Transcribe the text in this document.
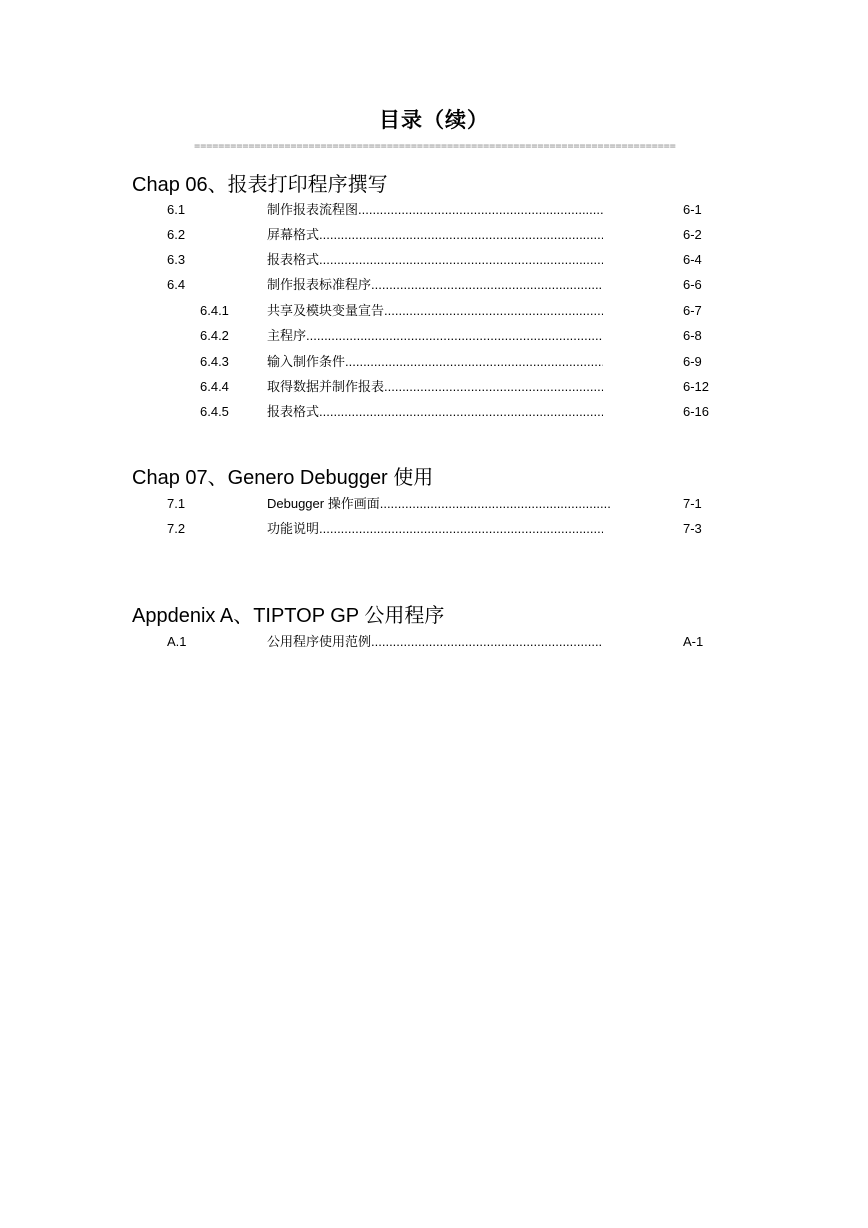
目录（续）
================================================================================
Chap 06、报表打印程序撰写
6.1	制作报表流程图 .....	6-1
6.2	屏幕格式 .....	6-2
6.3	报表格式 .....	6-4
6.4	制作报表标准程序 .....	6-6
6.4.1	共享及模块变量宣告 .....	6-7
6.4.2	主程序 .....	6-8
6.4.3	输入制作条件 .....	6-9
6.4.4	取得数据并制作报表 .....	6-12
6.4.5	报表格式 .....	6-16
Chap 07、Genero Debugger 使用
7.1	Debugger 操作画面 .....	7-1
7.2	功能说明 .....	7-3
Appdenix A、TIPTOP GP 公用程序
A.1	公用程序使用范例 .....	A-1
